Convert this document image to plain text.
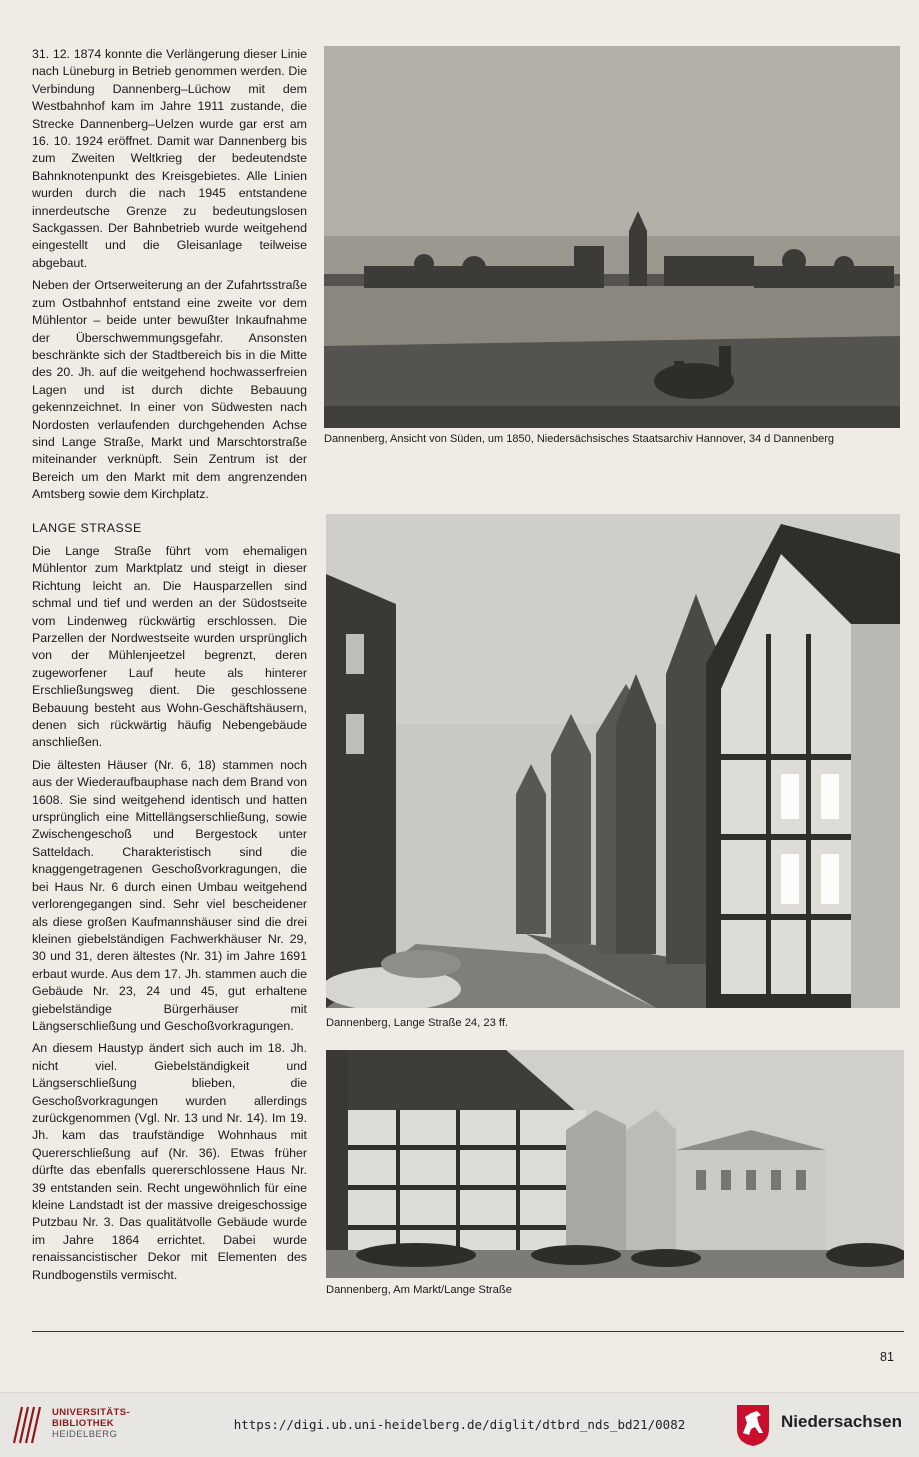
31. 12. 1874 konnte die Verlängerung dieser Linie nach Lüneburg in Betrieb genommen werden. Die Verbindung Dannenberg–Lüchow mit dem Westbahnhof kam im Jahre 1911 zustande, die Strecke Dannenberg–Uelzen wurde gar erst am 16. 10. 1924 eröffnet. Damit war Dannenberg bis zum Zweiten Weltkrieg der bedeutendste Bahnknotenpunkt des Kreisgebietes. Alle Linien wurden durch die nach 1945 entstandene innerdeutsche Grenze zu bedeutungslosen Sackgassen. Der Bahnbetrieb wurde weitgehend eingestellt und die Gleisanlage teilweise abgebaut.

Neben der Ortserweiterung an der Zufahrtsstraße zum Ostbahnhof entstand eine zweite vor dem Mühlentor – beide unter bewußter Inkaufnahme der Überschwemmungsgefahr. Ansonsten beschränkte sich der Stadtbereich bis in die Mitte des 20. Jh. auf die weitgehend hochwasserfreien Lagen und ist durch dichte Bebauung gekennzeichnet. In einer von Südwesten nach Nordosten verlaufenden durchgehenden Achse sind Lange Straße, Markt und Marschtorstraße miteinander verknüpft. Sein Zentrum ist der Bereich um den Markt mit dem angrenzenden Amtsberg sowie dem Kirchplatz.

LANGE STRASSE

Die Lange Straße führt vom ehemaligen Mühlentor zum Marktplatz und steigt in dieser Richtung leicht an. Die Hausparzellen sind schmal und tief und werden an der Südostseite vom Lindenweg rückwärtig erschlossen. Die Parzellen der Nordwestseite wurden ursprünglich von der Mühlenjeetzel begrenzt, deren zugeworfener Lauf heute als hinterer Erschließungsweg dient. Die geschlossene Bebauung besteht aus Wohn-Geschäftshäusern, denen sich rückwärtig häufig Nebengebäude anschließen.

Die ältesten Häuser (Nr. 6, 18) stammen noch aus der Wiederaufbauphase nach dem Brand von 1608. Sie sind weitgehend identisch und hatten ursprünglich eine Mittellängserschließung, sowie Zwischengeschoß und Bergestock unter Satteldach. Charakteristisch sind die knaggengetragenen Geschoßvorkragungen, die bei Haus Nr. 6 durch einen Umbau weitgehend verlorengegangen sind. Sehr viel bescheidener als diese großen Kaufmannshäuser sind die drei kleinen giebelständigen Fachwerkhäuser Nr. 29, 30 und 31, deren ältestes (Nr. 31) im Jahre 1691 erbaut wurde. Aus dem 17. Jh. stammen auch die Gebäude Nr. 23, 24 und 45, gut erhaltene giebelständige Bürgerhäuser mit Längserschließung und Geschoßvorkragungen.

An diesem Haustyp ändert sich auch im 18. Jh. nicht viel. Giebelständigkeit und Längserschließung blieben, die Geschoßvorkragungen wurden allerdings zurückgenommen (Vgl. Nr. 13 und Nr. 14). Im 19. Jh. kam das traufständige Wohnhaus mit Quererschließung auf (Nr. 36). Etwas früher dürfte das ebenfalls quererschlossene Haus Nr. 39 entstanden sein. Recht ungewöhnlich für eine kleine Landstadt ist der massive dreigeschossige Putzbau Nr. 3. Das qualitätvolle Gebäude wurde im Jahre 1864 errichtet. Dabei wurde renaissancistischer Dekor mit Elementen des Rundbogenstils vermischt.

Dannenberg, Ansicht von Süden, um 1850, Niedersächsisches Staatsarchiv Hannover, 34 d Dannenberg
Dannenberg, Lange Straße 24, 23 ff.
Dannenberg, Am Markt/Lange Straße
81
UNIVERSITÄTS-
BIBLIOTHEK
HEIDELBERG
https://digi.ub.uni-heidelberg.de/diglit/dtbrd_nds_bd21/0082	Niedersachsen
